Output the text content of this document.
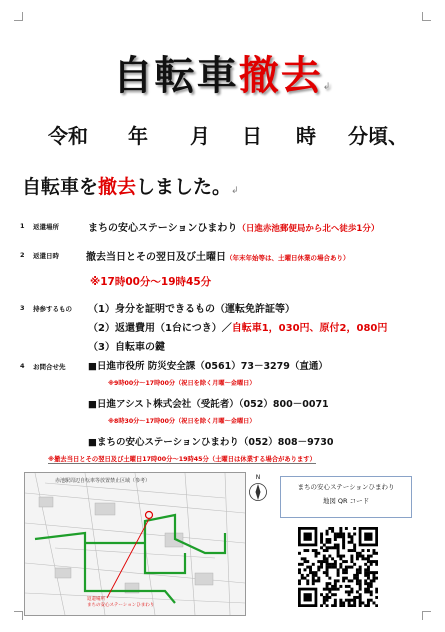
自転車撤去↲
令和 年 月 日 時 分頃、
自転車を撤去しました。↲
1 返還場所	まちの安心ステーションひまわり（日進赤池郵便局から北へ徒歩1分）
2 返還日時	撤去当日とその翌日及び土曜日（年末年始等は、土曜日休業の場合あり）
※17時00分～19時45分
3 持参するもの （1）身分を証明できるもの（運転免許証等）
（2）返還費用（1台につき）／自転車1，030円、原付2，080円
（3）自転車の鍵
4 お問合せ先 ■日進市役所 防災安全課（0561）73－3279（直通）
※9時00分～17時00分（祝日を除く月曜～金曜日）
■日進アシスト株式会社（受託者）（052）800－0071
※8時30分～17時00分（祝日を除く月曜～金曜日）
■まちの安心ステーションひまわり（052）808－9730
※撤去当日とその翌日及び土曜日17時00分～19時45分（土曜日は休業する場合があります）
赤池駅周辺自転車等放置禁止区域（参考）
返還場所
まちの安心ステーションひまわり
N
まちの安心ステーションひまわり
地図 QR コード
